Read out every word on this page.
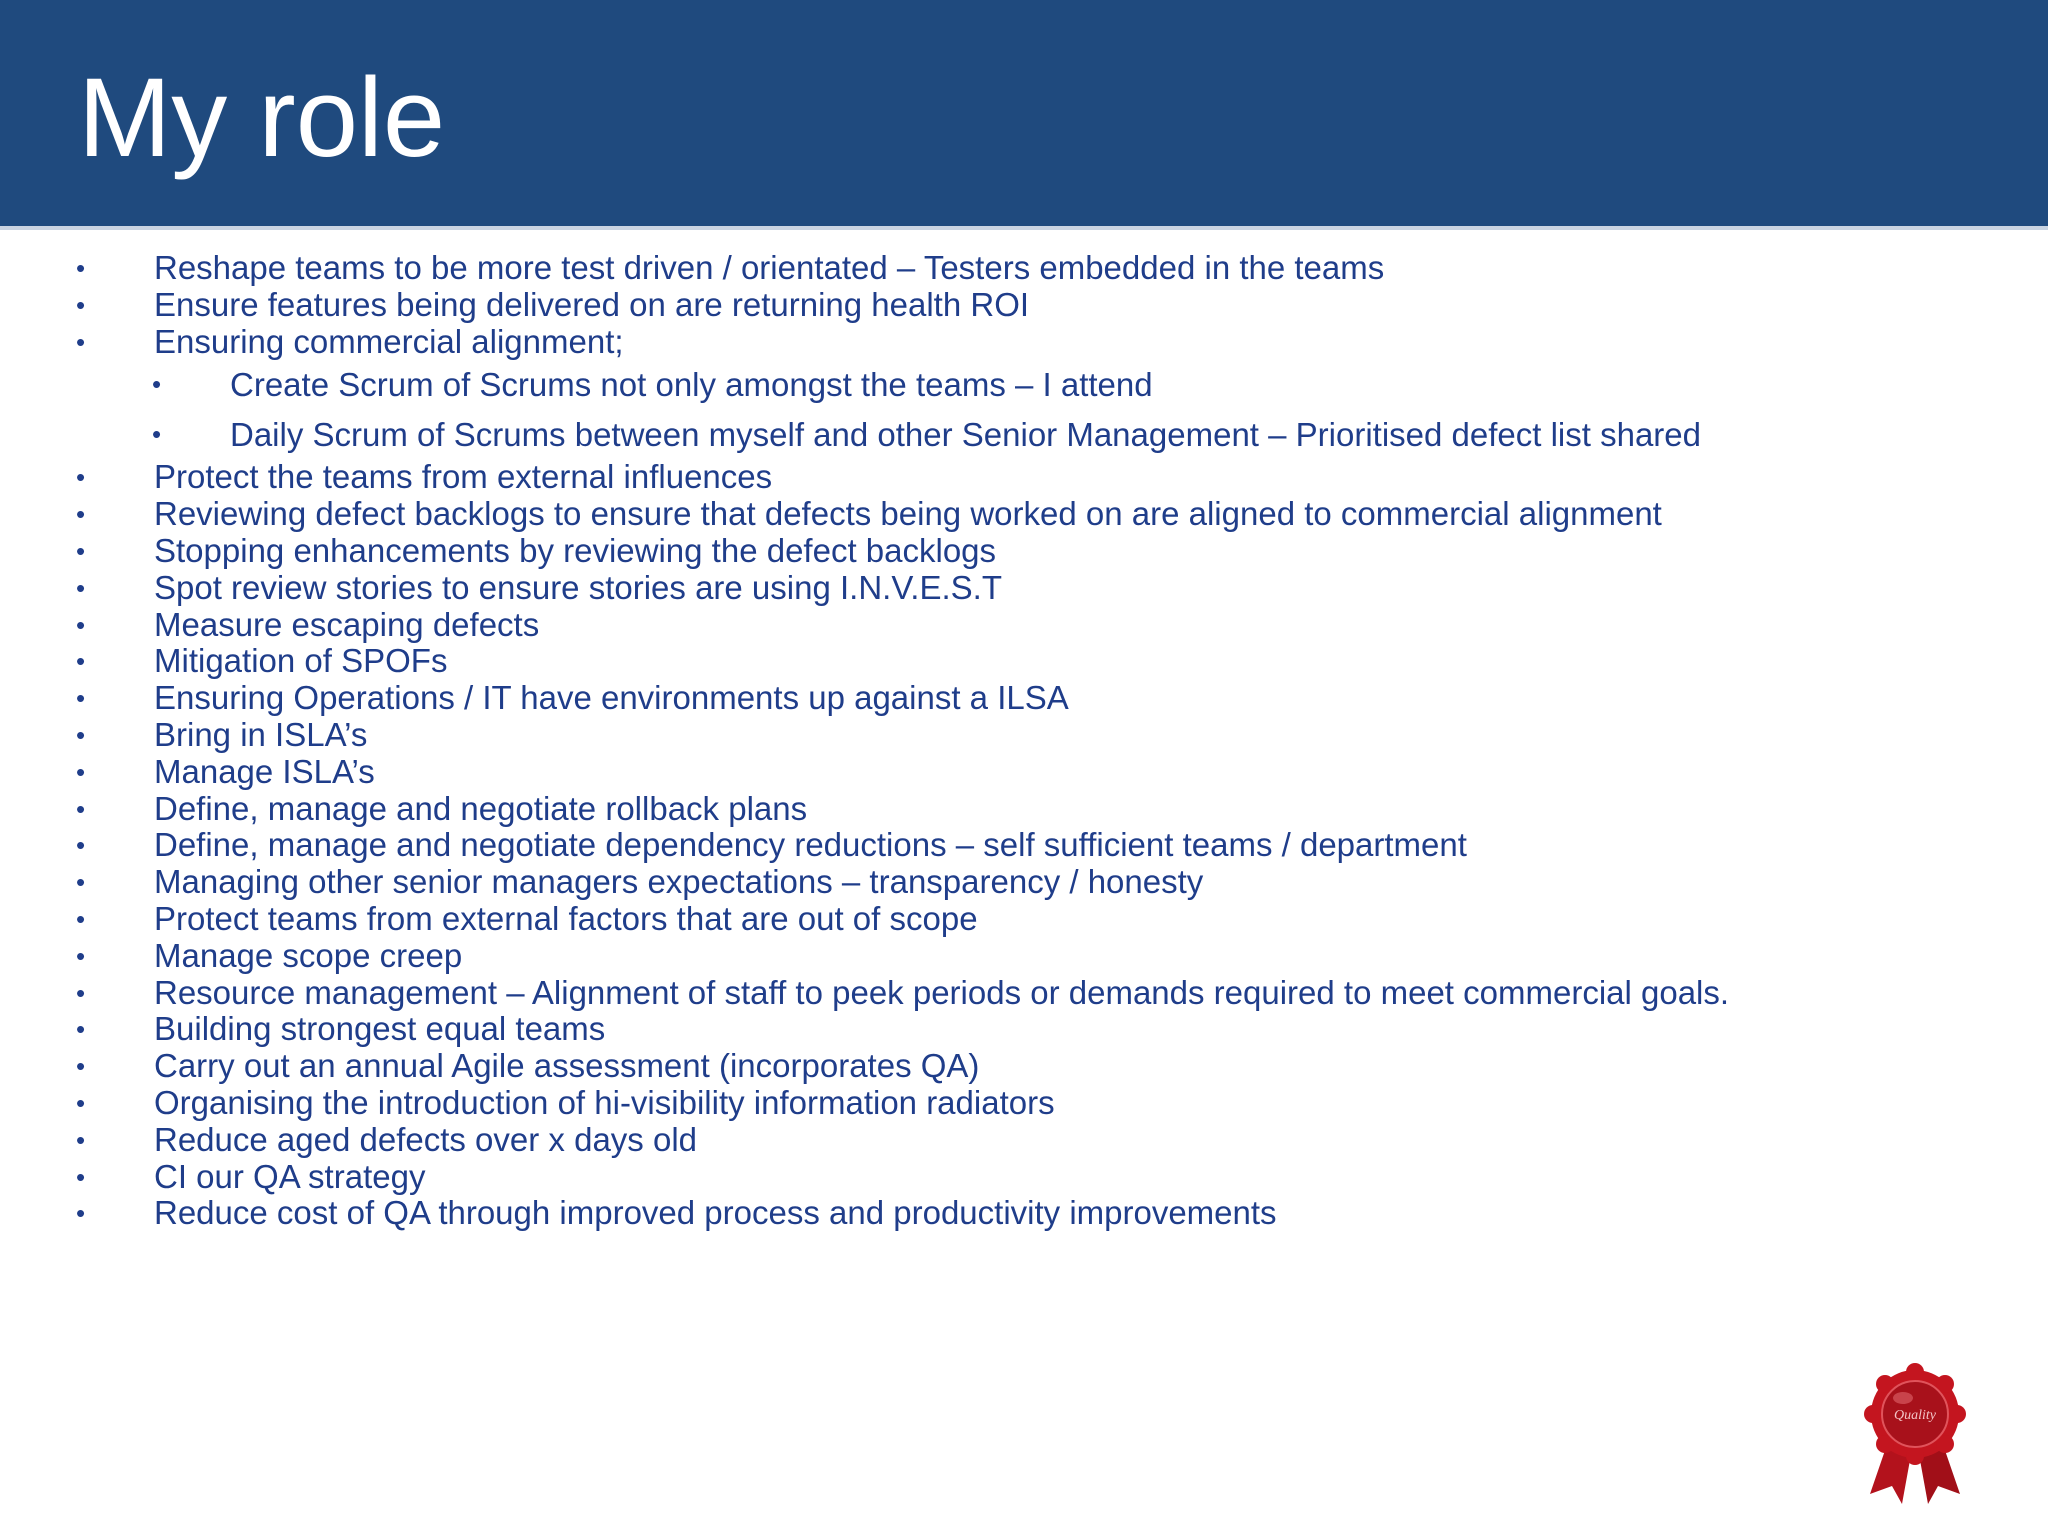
My role
• Reshape teams to be more test driven / orientated – Testers embedded in the teams
• Ensure features being delivered on are returning health ROI
• Ensuring commercial alignment;
• Create Scrum of Scrums not only amongst the teams – I attend
• Daily Scrum of Scrums between myself and other Senior Management – Prioritised defect list shared
• Protect the teams from external influences
• Reviewing defect backlogs to ensure that defects being worked on are aligned to commercial alignment
• Stopping enhancements by reviewing the defect backlogs
• Spot review stories to ensure stories are using I.N.V.E.S.T
• Measure escaping defects
• Mitigation of SPOFs
• Ensuring Operations / IT have environments up against a ILSA
• Bring in ISLA’s
• Manage ISLA’s
• Define, manage and negotiate rollback plans
• Define, manage and negotiate dependency reductions – self sufficient teams / department
• Managing other senior managers expectations – transparency / honesty
• Protect teams from external factors that are out of scope
• Manage scope creep
• Resource management – Alignment of staff to peek periods or demands required to meet commercial goals.
• Building strongest equal teams
• Carry out an annual Agile assessment (incorporates QA)
• Organising the introduction of hi-visibility information radiators
• Reduce aged defects over x days old
• CI our QA strategy
• Reduce cost of QA through improved process and productivity improvements
Quality
